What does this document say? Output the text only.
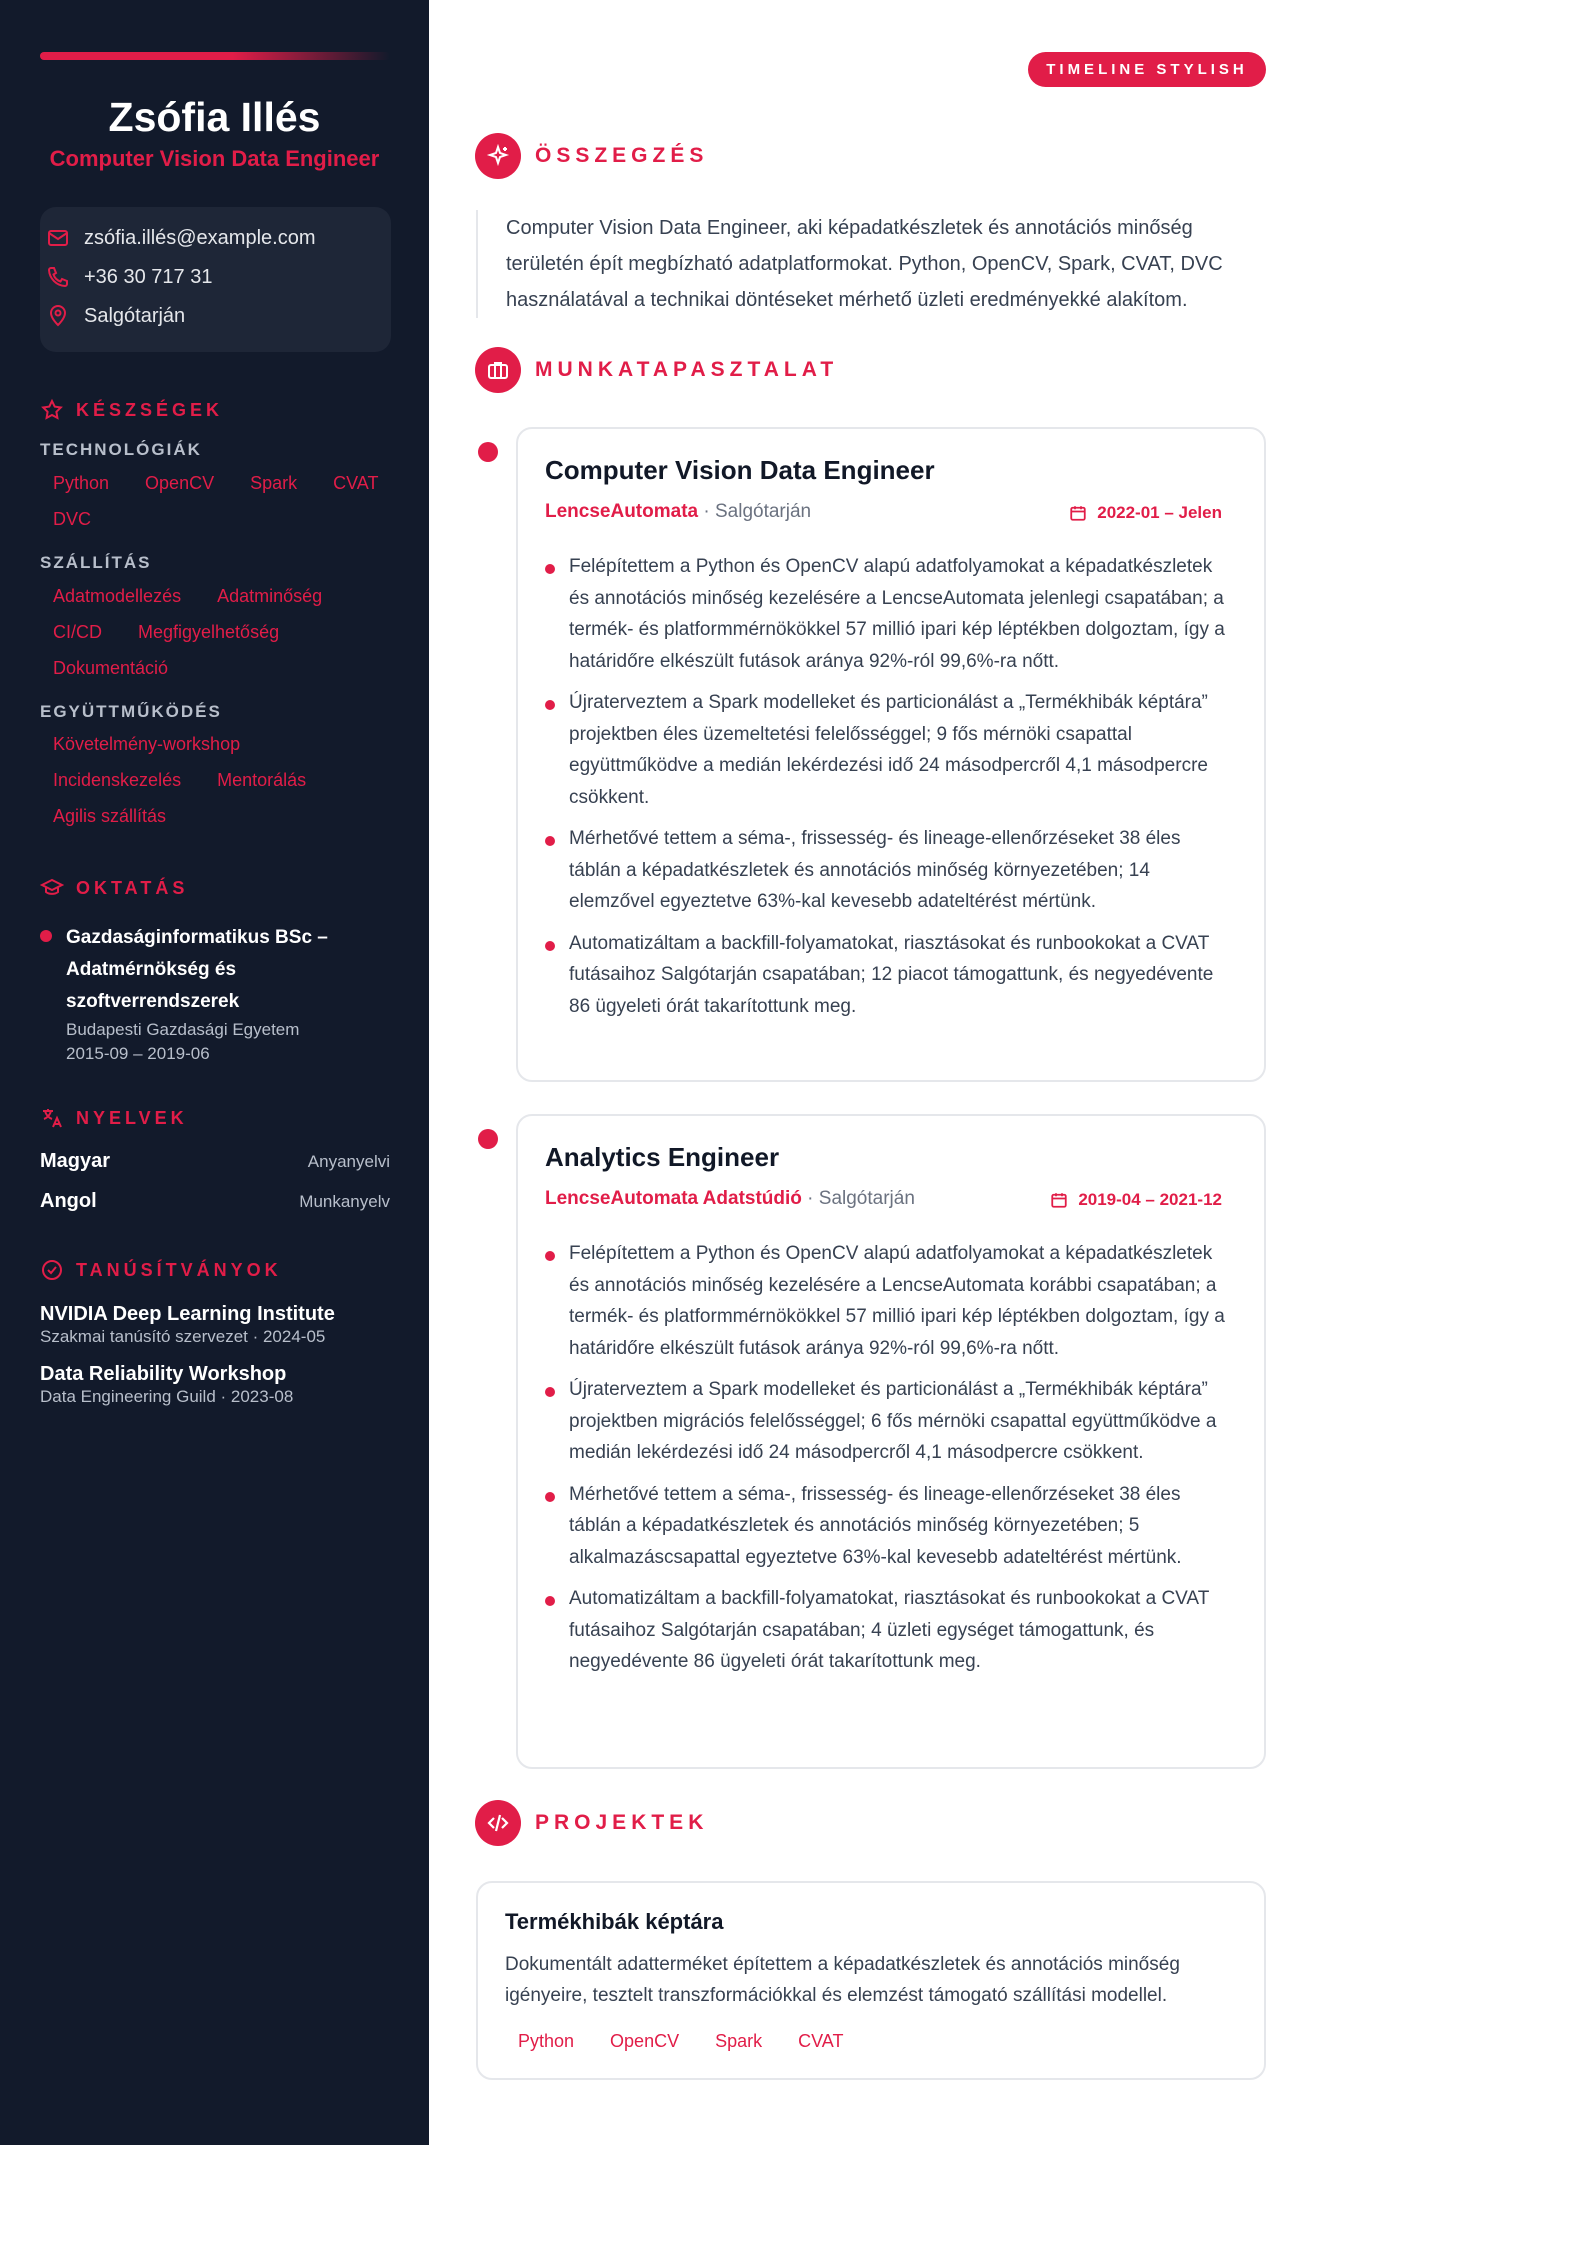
Zsófia Illés
Computer Vision Data Engineer
zsófia.illés@example.com
+36 30 717 31
Salgótarján
KÉSZSÉGEK
TECHNOLÓGIÁK
Python	OpenCV	Spark	CVAT
DVC
SZÁLLÍTÁS
Adatmodellezés	Adatminőség
CI/CD	Megfigyelhetőség
Dokumentáció
EGYÜTTMŰKÖDÉS
Követelmény-workshop
Incidenskezelés	Mentorálás
Agilis szállítás
OKTATÁS
Gazdaságinformatikus BSc –
Adatmérnökség és
szoftverrendszerek
Budapesti Gazdasági Egyetem
2015-09 – 2019-06
NYELVEK
Magyar	Anyanyelvi
Angol	Munkanyelv
TANÚSÍTVÁNYOK
NVIDIA Deep Learning Institute
Szakmai tanúsító szervezet · 2024-05
Data Reliability Workshop
Data Engineering Guild · 2023-08
TIMELINE STYLISH
ÖSSZEGZÉS
Computer Vision Data Engineer, aki képadatkészletek és annotációs minőség
területén épít megbízható adatplatformokat. Python, OpenCV, Spark, CVAT, DVC
használatával a technikai döntéseket mérhető üzleti eredményekké alakítom.
MUNKATAPASZTALAT
Computer Vision Data Engineer
LencseAutomata · Salgótarján	2022-01 – Jelen
Felépítettem a Python és OpenCV alapú adatfolyamokat a képadatkészletek és annotációs minőség kezelésére a LencseAutomata jelenlegi csapatában; a termék- és platformmérnökökkel 57 millió ipari kép léptékben dolgoztam, így a határidőre elkészült futások aránya 92%-ról 99,6%-ra nőtt.
Újraterveztem a Spark modelleket és particionálást a „Termékhibák képtára” projektben éles üzemeltetési felelősséggel; 9 fős mérnöki csapattal együttműködve a medián lekérdezési idő 24 másodpercről 4,1 másodpercre csökkent.
Mérhetővé tettem a séma-, frissesség- és lineage-ellenőrzéseket 38 éles táblán a képadatkészletek és annotációs minőség környezetében; 14 elemzővel egyeztetve 63%-kal kevesebb adateltérést mértünk.
Automatizáltam a backfill-folyamatokat, riasztásokat és runbookokat a CVAT futásaihoz Salgótarján csapatában; 12 piacot támogattunk, és negyedévente 86 ügyeleti órát takarítottunk meg.
Analytics Engineer
LencseAutomata Adatstúdió · Salgótarján	2019-04 – 2021-12
Felépítettem a Python és OpenCV alapú adatfolyamokat a képadatkészletek és annotációs minőség kezelésére a LencseAutomata korábbi csapatában; a termék- és platformmérnökökkel 57 millió ipari kép léptékben dolgoztam, így a határidőre elkészült futások aránya 92%-ról 99,6%-ra nőtt.
Újraterveztem a Spark modelleket és particionálást a „Termékhibák képtára” projektben migrációs felelősséggel; 6 fős mérnöki csapattal együttműködve a medián lekérdezési idő 24 másodpercről 4,1 másodpercre csökkent.
Mérhetővé tettem a séma-, frissesség- és lineage-ellenőrzéseket 38 éles táblán a képadatkészletek és annotációs minőség környezetében; 5 alkalmazáscsapattal egyeztetve 63%-kal kevesebb adateltérést mértünk.
Automatizáltam a backfill-folyamatokat, riasztásokat és runbookokat a CVAT futásaihoz Salgótarján csapatában; 4 üzleti egységet támogattunk, és negyedévente 86 ügyeleti órát takarítottunk meg.
PROJEKTEK
Termékhibák képtára
Dokumentált adatterméket építettem a képadatkészletek és annotációs minőség
igényeire, tesztelt transzformációkkal és elemzést támogató szállítási modellel.
Python	OpenCV	Spark	CVAT
